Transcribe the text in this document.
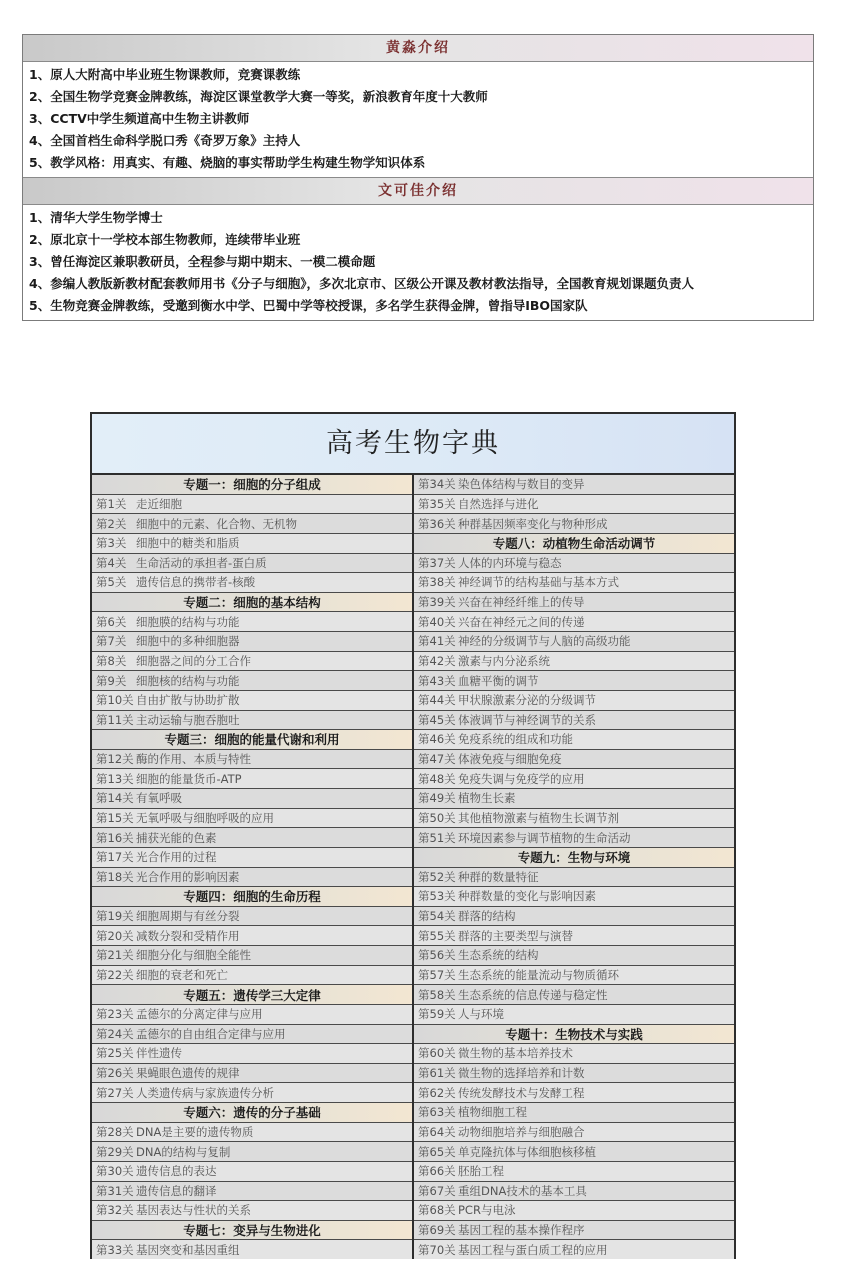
黄淼介绍
1、原人大附高中毕业班生物课教师，竞赛课教练
2、全国生物学竞赛金牌教练，海淀区课堂教学大赛一等奖，新浪教育年度十大教师
3、CCTV中学生频道高中生物主讲教师
4、全国首档生命科学脱口秀《奇罗万象》主持人
5、教学风格：用真实、有趣、烧脑的事实帮助学生构建生物学知识体系
文可佳介绍
1、清华大学生物学博士
2、原北京十一学校本部生物教师，连续带毕业班
3、曾任海淀区兼职教研员，全程参与期中期末、一模二模命题
4、参编人教版新教材配套教师用书《分子与细胞》，多次北京市、区级公开课及教材教法指导，全国教育规划课题负责人
5、生物竞赛金牌教练，受邀到衡水中学、巴蜀中学等校授课，多名学生获得金牌，曾指导IBO国家队
高考生物字典
专题一：细胞的分子组成
第1关 走近细胞
第2关 细胞中的元素、化合物、无机物
第3关 细胞中的糖类和脂质
第4关 生命活动的承担者-蛋白质
第5关 遗传信息的携带者-核酸
专题二：细胞的基本结构
第6关 细胞膜的结构与功能
第7关 细胞中的多种细胞器
第8关 细胞器之间的分工合作
第9关 细胞核的结构与功能
第10关 自由扩散与协助扩散
第11关 主动运输与胞吞胞吐
专题三：细胞的能量代谢和利用
第12关 酶的作用、本质与特性
第13关 细胞的能量货币-ATP
第14关 有氧呼吸
第15关 无氧呼吸与细胞呼吸的应用
第16关 捕获光能的色素
第17关 光合作用的过程
第18关 光合作用的影响因素
专题四：细胞的生命历程
第19关 细胞周期与有丝分裂
第20关 减数分裂和受精作用
第21关 细胞分化与细胞全能性
第22关 细胞的衰老和死亡
专题五：遗传学三大定律
第23关 孟德尔的分离定律与应用
第24关 孟德尔的自由组合定律与应用
第25关 伴性遗传
第26关 果蝇眼色遗传的规律
第27关 人类遗传病与家族遗传分析
专题六：遗传的分子基础
第28关 DNA是主要的遗传物质
第29关 DNA的结构与复制
第30关 遗传信息的表达
第31关 遗传信息的翻译
第32关 基因表达与性状的关系
专题七：变异与生物进化
第33关 基因突变和基因重组
第34关 染色体结构与数目的变异
第35关 自然选择与进化
第36关 种群基因频率变化与物种形成
专题八：动植物生命活动调节
第37关 人体的内环境与稳态
第38关 神经调节的结构基础与基本方式
第39关 兴奋在神经纤维上的传导
第40关 兴奋在神经元之间的传递
第41关 神经的分级调节与人脑的高级功能
第42关 激素与内分泌系统
第43关 血糖平衡的调节
第44关 甲状腺激素分泌的分级调节
第45关 体液调节与神经调节的关系
第46关 免疫系统的组成和功能
第47关 体液免疫与细胞免疫
第48关 免疫失调与免疫学的应用
第49关 植物生长素
第50关 其他植物激素与植物生长调节剂
第51关 环境因素参与调节植物的生命活动
专题九：生物与环境
第52关 种群的数量特征
第53关 种群数量的变化与影响因素
第54关 群落的结构
第55关 群落的主要类型与演替
第56关 生态系统的结构
第57关 生态系统的能量流动与物质循环
第58关 生态系统的信息传递与稳定性
第59关 人与环境
专题十：生物技术与实践
第60关 微生物的基本培养技术
第61关 微生物的选择培养和计数
第62关 传统发酵技术与发酵工程
第63关 植物细胞工程
第64关 动物细胞培养与细胞融合
第65关 单克隆抗体与体细胞核移植
第66关 胚胎工程
第67关 重组DNA技术的基本工具
第68关 PCR与电泳
第69关 基因工程的基本操作程序
第70关 基因工程与蛋白质工程的应用
